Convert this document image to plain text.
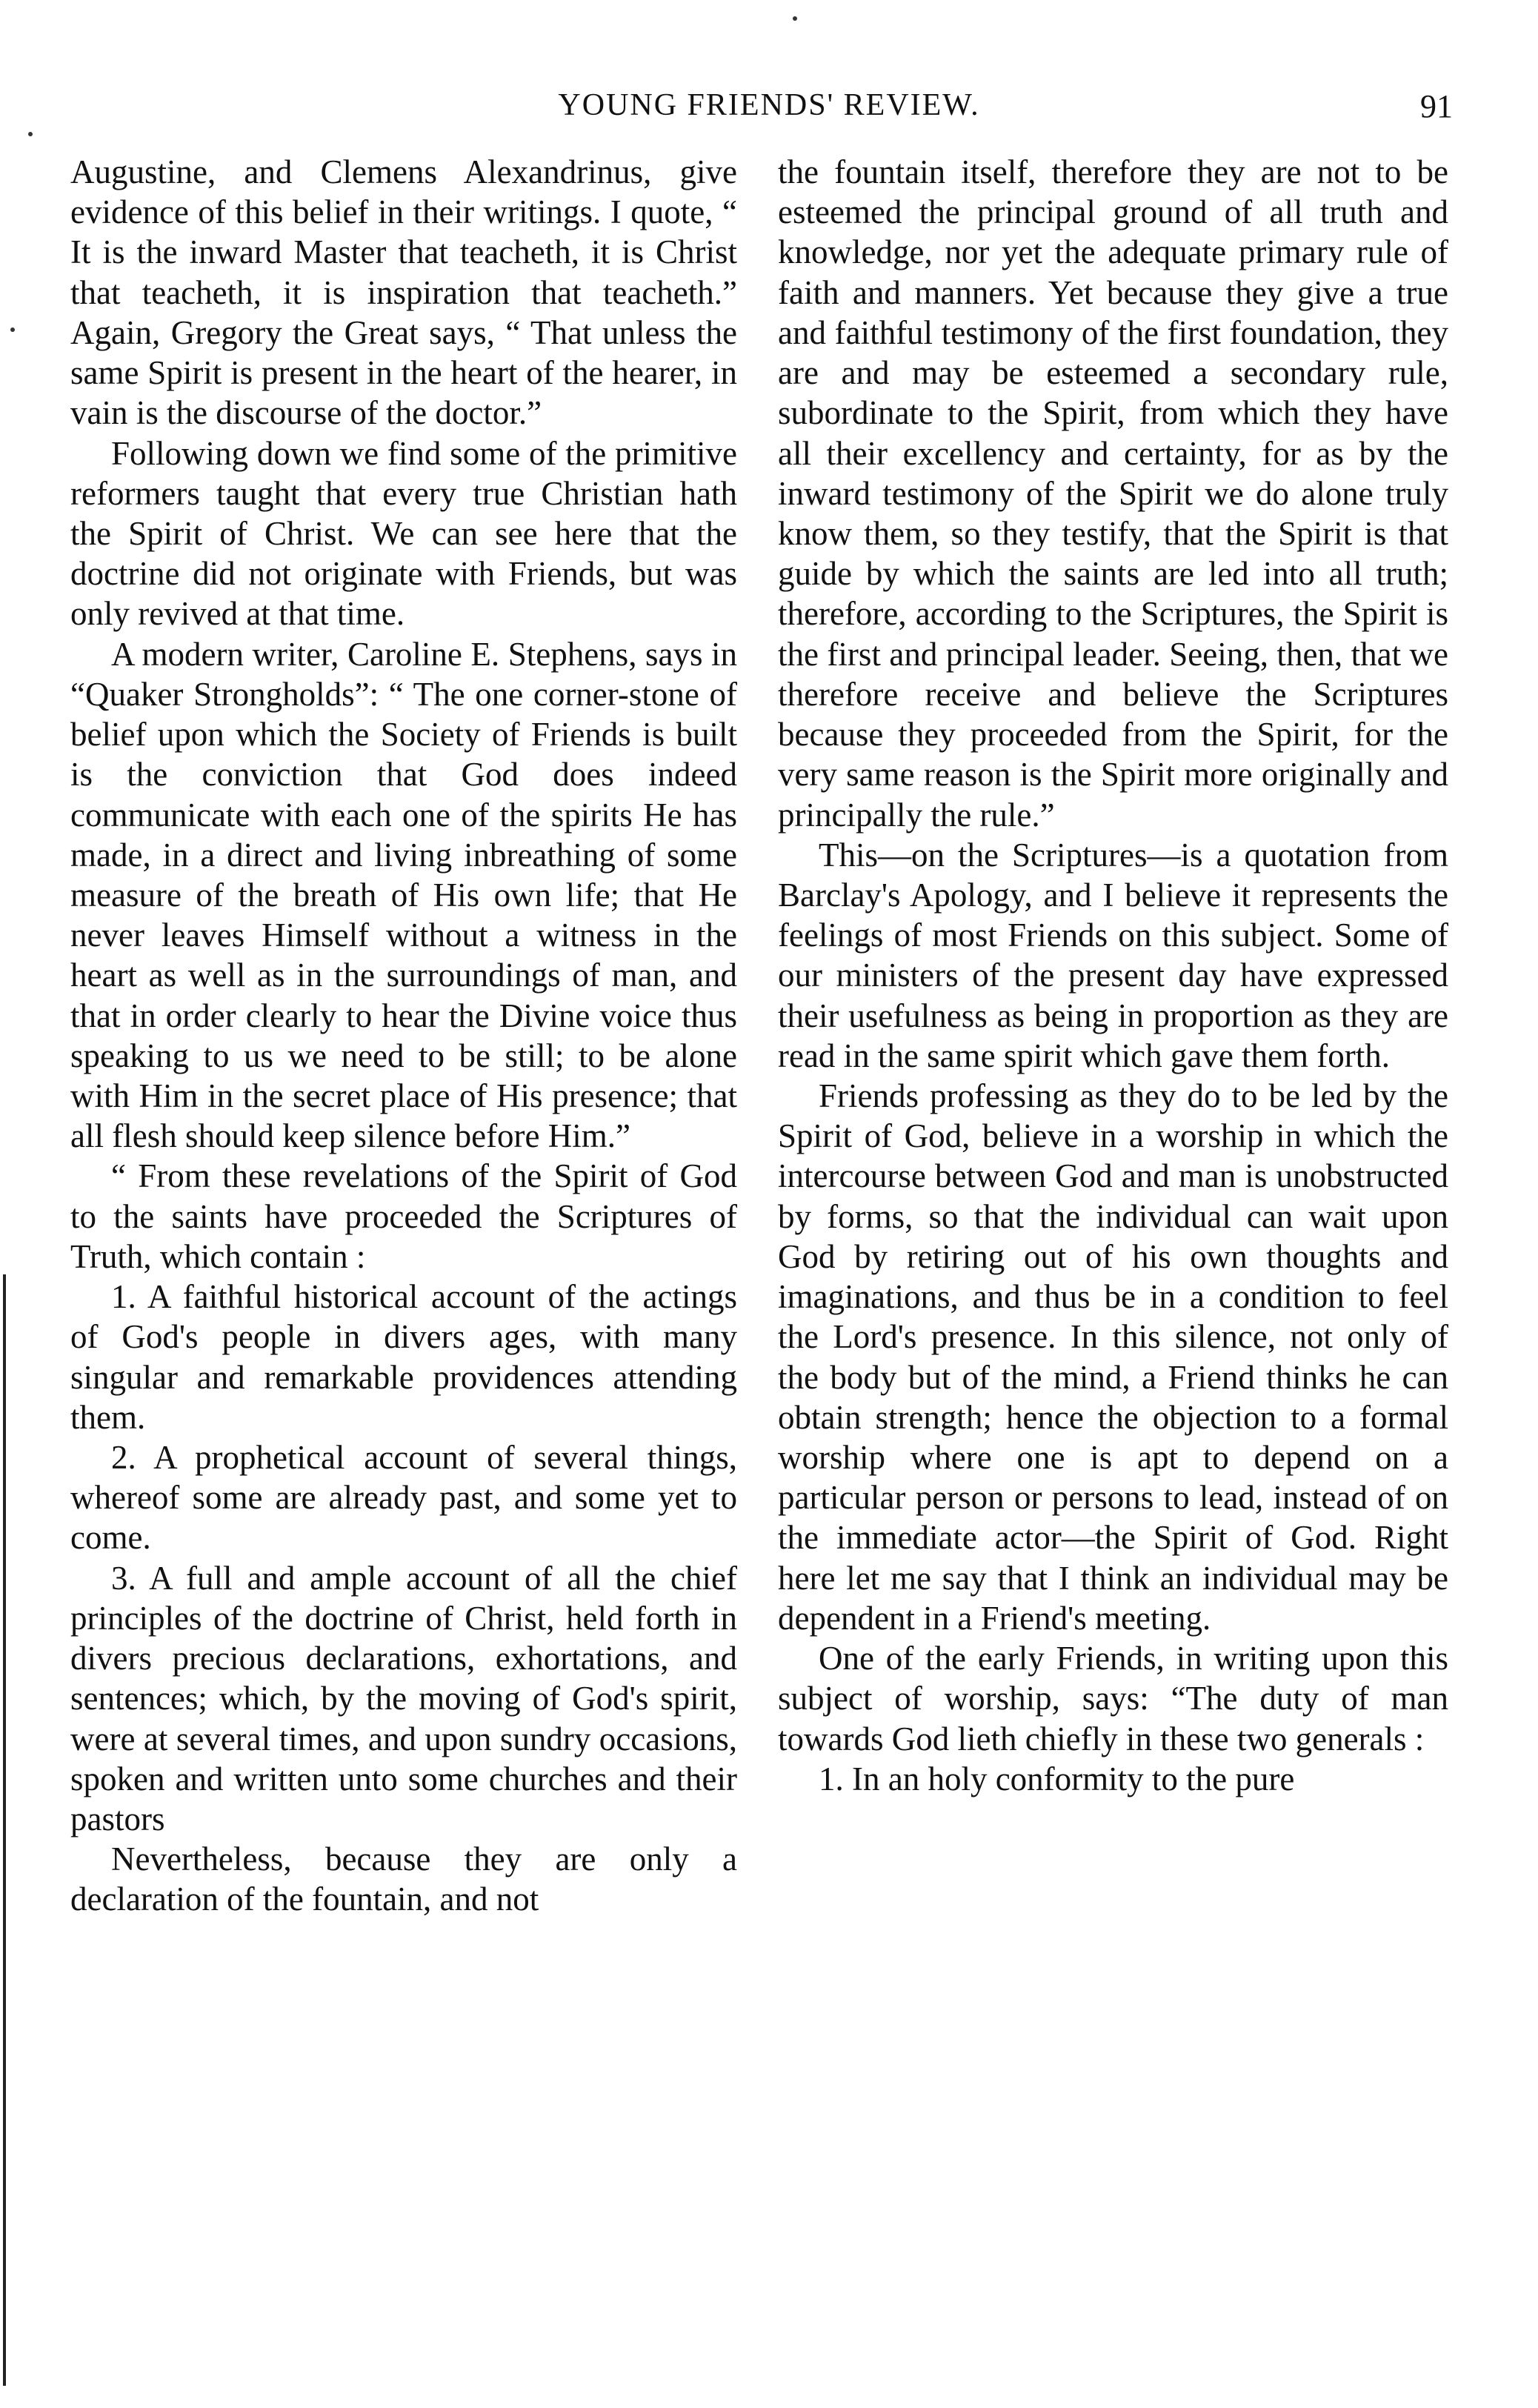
YOUNG FRIENDS' REVIEW.	91

Augustine, and Clemens Alexandrinus, give evidence of this belief in their writings. I quote, “ It is the inward Master that teacheth, it is Christ that teacheth, it is inspiration that teacheth.” Again, Gregory the Great says, “ That unless the same Spirit is present in the heart of the hearer, in vain is the discourse of the doctor.”

Following down we find some of the primitive reformers taught that every true Christian hath the Spirit of Christ. We can see here that the doctrine did not originate with Friends, but was only revived at that time.

A modern writer, Caroline E. Stephens, says in “Quaker Strongholds”: “ The one corner-stone of belief upon which the Society of Friends is built is the conviction that God does indeed communicate with each one of the spirits He has made, in a direct and living inbreathing of some measure of the breath of His own life; that He never leaves Himself without a witness in the heart as well as in the surroundings of man, and that in order clearly to hear the Divine voice thus speaking to us we need to be still; to be alone with Him in the secret place of His presence; that all flesh should keep silence before Him.”

“ From these revelations of the Spirit of God to the saints have proceeded the Scriptures of Truth, which contain :

1. A faithful historical account of the actings of God's people in divers ages, with many singular and remarkable providences attending them.

2. A prophetical account of several things, whereof some are already past, and some yet to come.

3. A full and ample account of all the chief principles of the doctrine of Christ, held forth in divers precious declarations, exhortations, and sentences; which, by the moving of God's spirit, were at several times, and upon sundry occasions, spoken and written unto some churches and their pastors

Nevertheless, because they are only a declaration of the fountain, and not

the fountain itself, therefore they are not to be esteemed the principal ground of all truth and knowledge, nor yet the adequate primary rule of faith and manners. Yet because they give a true and faithful testimony of the first foundation, they are and may be esteemed a secondary rule, subordinate to the Spirit, from which they have all their excellency and certainty, for as by the inward testimony of the Spirit we do alone truly know them, so they testify, that the Spirit is that guide by which the saints are led into all truth; therefore, according to the Scriptures, the Spirit is the first and principal leader. Seeing, then, that we therefore receive and believe the Scriptures because they proceeded from the Spirit, for the very same reason is the Spirit more originally and principally the rule.”

This—on the Scriptures—is a quotation from Barclay's Apology, and I believe it represents the feelings of most Friends on this subject. Some of our ministers of the present day have expressed their usefulness as being in proportion as they are read in the same spirit which gave them forth.

Friends professing as they do to be led by the Spirit of God, believe in a worship in which the intercourse between God and man is unobstructed by forms, so that the individual can wait upon God by retiring out of his own thoughts and imaginations, and thus be in a condition to feel the Lord's presence. In this silence, not only of the body but of the mind, a Friend thinks he can obtain strength; hence the objection to a formal worship where one is apt to depend on a particular person or persons to lead, instead of on the immediate actor—the Spirit of God. Right here let me say that I think an individual may be dependent in a Friend's meeting.

One of the early Friends, in writing upon this subject of worship, says: “The duty of man towards God lieth chiefly in these two generals :

1. In an holy conformity to the pure
